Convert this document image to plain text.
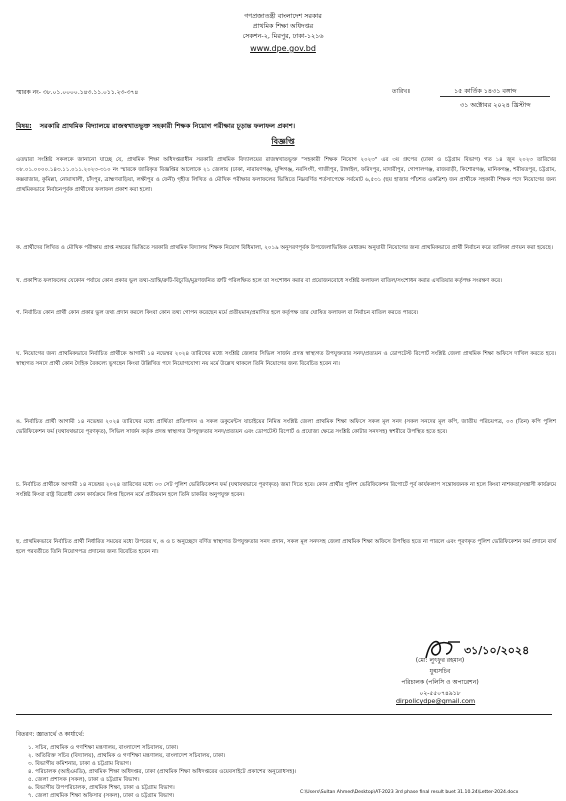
গণপ্রজাতন্ত্রী বাংলাদেশ সরকার
প্রাথমিক শিক্ষা অধিদপ্তর
সেকশন-২, মিরপুর, ঢাকা-১২১৬
www.dpe.gov.bd
স্মারক নং- ৩৮.০১.০০০০.১৪৩.১১.০১১.২৩-৩৭৪	তারিখঃ	১৫ কার্তিক ১৪৩১ বঙ্গাব্দ
৩১ অক্টোবর ২০২৪ খ্রিস্টাব্দ
বিষয়: সরকারি প্রাথমিক বিদ্যালয়ে রাজস্বখাতভুক্ত সহকারী শিক্ষক নিয়োগ পরীক্ষার চূড়ান্ত ফলাফল প্রকাশ।
বিজ্ঞপ্তি
এতদ্বারা সংশ্লিষ্ট সকলকে জানানো যাচ্ছে যে, প্রাথমিক শিক্ষা অধিদপ্তরাধীন সরকারি প্রাথমিক বিদ্যালয়ের রাজস্বখাতভুক্ত "সহকারী শিক্ষক নিয়োগ ২০২৩" এর ৩য় গ্রুপের (ঢাকা ও চট্টগ্রাম বিভাগ) গত ১৪ জুন ২০২৩ তারিখের ৩৮.০১.০০০০.১৪৩.১১.০১১.২০২৩-৩১০ নং স্মারকে জারিকৃত বিজ্ঞপ্তির আলোকে ২১ জেলায় (ঢাকা, নারায়ণগঞ্জ, মুন্সিগঞ্জ, নরসিংদী, গাজীপুর, টাঙ্গাইল, ফরিদপুর, মাদারীপুর, গোপালগঞ্জ, রাজবাড়ী, কিশোরগঞ্জ, মানিকগঞ্জ, শরীয়তপুর, চট্টগ্রাম, কক্সবাজার, কুমিল্লা, নোয়াখালী, চাঁদপুর, ব্রাহ্মণবাড়িয়া, লক্ষীপুর ও ফেনী) গৃহীত লিখিত ও মৌখিক পরীক্ষার ফলাফলের ভিত্তিতে নিম্নবর্ণিত শর্তসাপেক্ষে সর্বমোট ৬,৫৩১ (ছয় হাজার পাঁচশত একত্রিশ) জন প্রার্থীকে সহকারী শিক্ষক পদে নিয়োগের জন্য প্রাথমিকভাবে নির্বাচনপূর্বক প্রার্থীদের ফলাফল প্রকাশ করা হলো।
ক. প্রার্থীদের লিখিত ও মৌখিক পরীক্ষায় প্রাপ্ত নম্বরের ভিত্তিতে সরকারি প্রাথমিক বিদ্যালয় শিক্ষক নিয়োগ বিধিমালা, ২০১৯ অনুসরণপূর্বক উপজেলাভিত্তিক মেধাক্রম অনুযায়ী নিয়োগের জন্য প্রাথমিকভাবে প্রার্থী নির্বাচন করে তালিকা প্রণয়ন করা হয়েছে।
খ. প্রকাশিত ফলাফলের যেকোন পর্যায়ে কোন প্রকার ভুল তথ্য-ভ্রান্তি/ক্রটি-বিচ্যুতি/মুদ্রণজনিত ত্রুটি পরিলক্ষিত হলে তা সংশোধন করার বা প্রয়োজনবোধে সংশ্লিষ্ট ফলাফল বাতিল/সংশোধন করার এখতিয়ার কর্তৃপক্ষ সংরক্ষণ করে।
গ. নির্বাচিত কোন প্রার্থী কোন প্রকার ভুল তথ্য প্রদান করলে কিংবা কোন তথ্য গোপন করেছেন মর্মে প্রতীয়মান/প্রমাণিত হলে কর্তৃপক্ষ তার ঘোষিত ফলাফল বা নির্বাচন বাতিল করতে পারবে।
ঘ. নিয়োগের জন্য প্রাথমিকভাবে নির্বাচিত প্রার্থীকে আগামী ১৪ নভেম্বর ২০২৪ তারিখের মধ্যে সংশ্লিষ্ট জেলার সিভিল সার্জন প্রদত্ত স্বাস্থ্যগত উপযুক্ততার সনদ/প্রত্যয়ন ও ডোপটেস্ট রিপোর্ট সংশ্লিষ্ট জেলা প্রাথমিক শিক্ষা অফিসে দাখিল করতে হবে। স্বাস্থ্যগত সনদে প্রার্থী কোন দৈহিক বৈকল্যে ভুগছেন কিংবা উল্লিখিত পদে নিয়োগযোগ্য নয় মর্মে উল্লেখ থাকলে তিনি নিয়োগের জন্য বিবেচিত হবেন না।
ঙ. নির্বাচিত প্রার্থী আগামী ১৪ নভেম্বর ২০২৪ তারিখের মধ্যে প্রার্থিতা প্রতিপাদন ও সকল ডকুমেন্টস যাচাইয়ের নিমিত্ত সংশ্লিষ্ট জেলা প্রাথমিক শিক্ষা অফিসে সকল মূল সনদ (সকল সনদের মূল কপি, জাতীয় পরিচয়পত্র, ০৩ (তিন) কপি পুলিশ ভেরিফিকেশন ফর্ম (যথাযথভাবে পূরণকৃত), সিভিল সার্জন কর্তৃক প্রদত্ত স্বাস্থ্যগত উপযুক্ততার সনদ/প্রত্যয়ন এবং ডোপটেস্ট রিপোর্ট ও প্রযোজ্য ক্ষেত্রে সংশ্লিষ্ট কোটার সনদসহ) স্বশরীরে উপস্থিত হতে হবে।
চ. নির্বাচিত প্রার্থীকে আগামী ১৪ নভেম্বর ২০২৪ তারিখের মধ্যে ০৩ সেট পুলিশ ভেরিফিকেশন ফর্ম (যথাযথভাবে পূরণকৃত) জমা দিতে হবে। কোন প্রার্থীর পুলিশ ভেরিফিকেশন রিপোর্টে পূর্ব কার্যকলাপ সন্তোষজনক না হলে কিংবা নাশকতা/সন্ত্রাসী কার্যক্রমে সংশ্লিষ্ট কিংবা রাষ্ট্র বিরোধী কোন কার্যক্রমে লিপ্ত ছিলেন মর্মে প্রতীয়মান হলে তিনি চাকরির অনুপযুক্ত হবেন।
ছ. প্রাথমিকভাবে নির্বাচিত প্রার্থী নির্ধারিত সময়ের মধ্যে উপরের ঘ, ঙ ও চ অনুচ্ছেদে বর্ণিত স্বাস্থ্যগত উপযুক্ততার সনদ প্রদান, সকল মূল সনদসহ জেলা প্রাথমিক শিক্ষা অফিসে উপস্থিত হতে না পারলে এবং পূরণকৃত পুলিশ ভেরিফিকেশন ফর্ম প্রদানে ব্যর্থ হলে পরবর্তীতে তিনি নিয়োগপত্র প্রদানের জন্য বিবেচিত হবেন না।
৩১/১০/২০২৪
(মো: লুৎফুর রহমান)
যুগ্মসচিব
পরিচালক (পলিসি ও অপারেশন)
০২-৫৫০৭৪৯১৮
dirpolicydpe@gmail.com
বিতরণ: জ্ঞাতার্থে ও কার্যার্থে:
১. সচিব, প্রাথমিক ও গণশিক্ষা মন্ত্রণালয়, বাংলাদেশ সচিবালয়, ঢাকা।
২. অতিরিক্ত সচিব (বিদ্যালয়), প্রাথমিক ও গণশিক্ষা মন্ত্রণালয়, বাংলাদেশ সচিবালয়, ঢাকা।
৩. বিভাগীয় কমিশনার, ঢাকা ও চট্টগ্রাম বিভাগ।
৪. পরিচালক (আইএমডি), প্রাথমিক শিক্ষা অধিদপ্তর, ঢাকা (প্রাথমিক শিক্ষা অধিদপ্তরের ওয়েবসাইটে প্রকাশের অনুরোধসহ)।
৫. জেলা প্রশাসক (সকল), ঢাকা ও চট্টগ্রাম বিভাগ।
৬. বিভাগীয় উপপরিচালক, প্রাথমিক শিক্ষা, ঢাকা ও চট্টগ্রাম বিভাগ।
৭. জেলা প্রাথমিক শিক্ষা অফিসার (সকল), ঢাকা ও চট্টগ্রাম বিভাগ।
C:\Users\Sultan Ahmed\Desktop\AT-2023 3rd phase final result buet 31.10.24\Letter-2024.docx
